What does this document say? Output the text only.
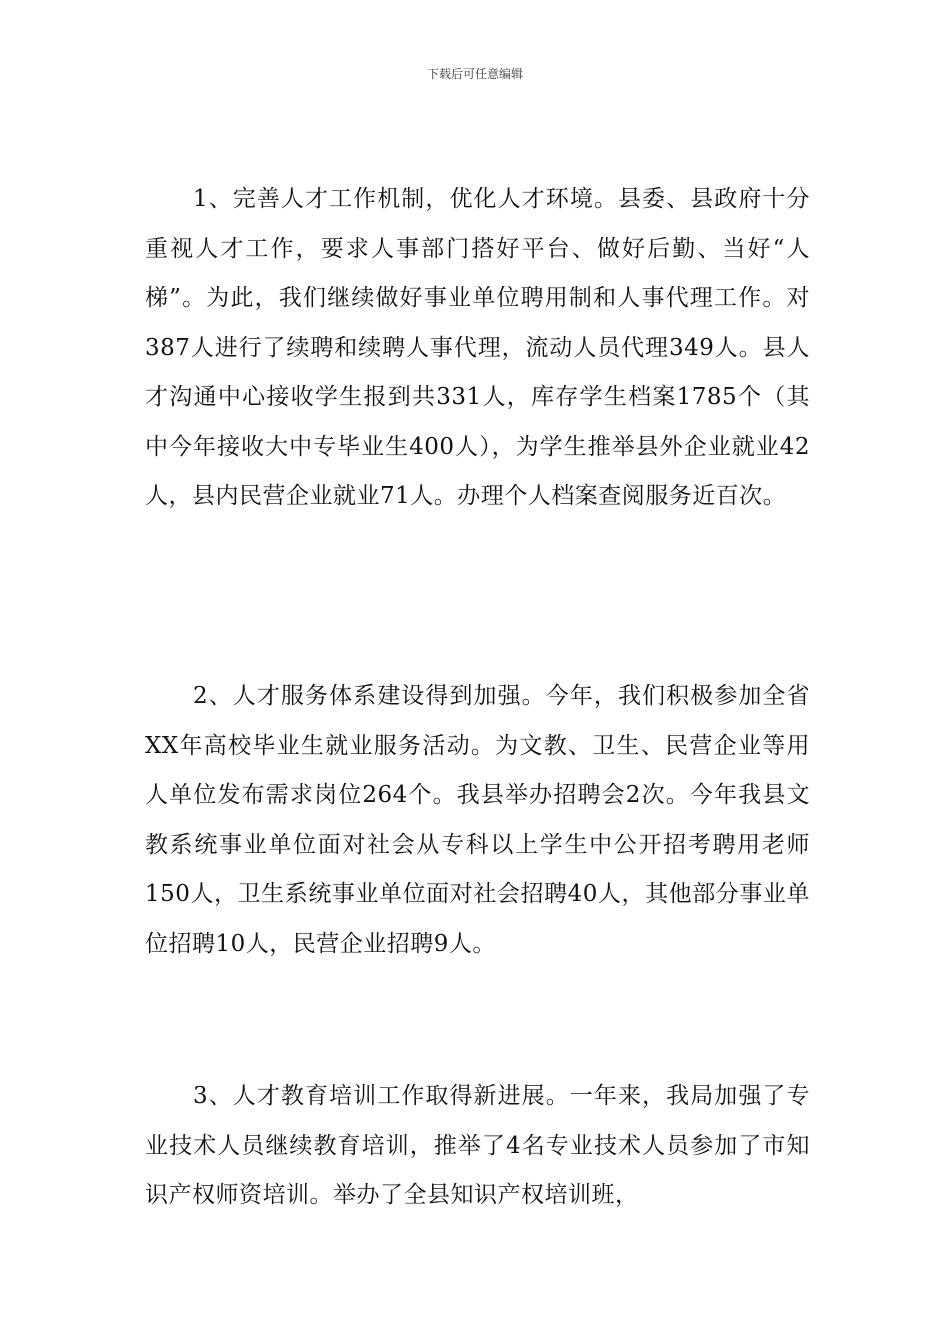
下载后可任意编辑

1、完善人才工作机制，优化人才环境。县委、县政府十分重视人才工作，要求人事部门搭好平台、做好后勤、当好“人梯”。为此，我们继续做好事业单位聘用制和人事代理工作。对387人进行了续聘和续聘人事代理，流动人员代理349人。县人才沟通中心接收学生报到共331人，库存学生档案1785个（其中今年接收大中专毕业生400人），为学生推举县外企业就业42人，县内民营企业就业71人。办理个人档案查阅服务近百次。

2、人才服务体系建设得到加强。今年，我们积极参加全省XX年高校毕业生就业服务活动。为文教、卫生、民营企业等用人单位发布需求岗位264个。我县举办招聘会2次。今年我县文教系统事业单位面对社会从专科以上学生中公开招考聘用老师150人，卫生系统事业单位面对社会招聘40人，其他部分事业单位招聘10人，民营企业招聘9人。

3、人才教育培训工作取得新进展。一年来，我局加强了专业技术人员继续教育培训，推举了4名专业技术人员参加了市知识产权师资培训。举办了全县知识产权培训班，
